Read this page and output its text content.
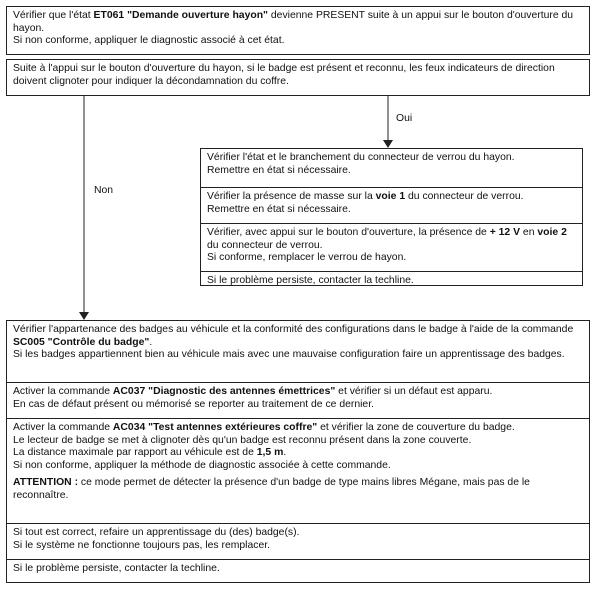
Vérifier que l'état ET061 "Demande ouverture hayon" devienne PRESENT suite à un appui sur le bouton d'ouverture du hayon.
Si non conforme, appliquer le diagnostic associé à cet état.
Suite à l'appui sur le bouton d'ouverture du hayon, si le badge est présent et reconnu, les feux indicateurs de direction doivent clignoter pour indiquer la décondamnation du coffre.
Oui
Non
Vérifier l'état et le branchement du connecteur de verrou du hayon.
Remettre en état si nécessaire.
Vérifier la présence de masse sur la voie 1 du connecteur de verrou.
Remettre en état si nécessaire.
Vérifier, avec appui sur le bouton d'ouverture, la présence de + 12 V en voie 2 du connecteur de verrou.
Si conforme, remplacer le verrou de hayon.
Si le problème persiste, contacter la techline.
Vérifier l'appartenance des badges au véhicule et la conformité des configurations dans le badge à l'aide de la commande SC005 "Contrôle du badge".
Si les badges appartiennent bien au véhicule mais avec une mauvaise configuration faire un apprentissage des badges.
Activer la commande AC037 "Diagnostic des antennes émettrices" et vérifier si un défaut est apparu.
En cas de défaut présent ou mémorisé se reporter au traitement de ce dernier.
Activer la commande AC034 "Test antennes extérieures coffre" et vérifier la zone de couverture du badge.
Le lecteur de badge se met à clignoter dès qu'un badge est reconnu présent dans la zone couverte.
La distance maximale par rapport au véhicule est de 1,5 m.
Si non conforme, appliquer la méthode de diagnostic associée à cette commande.
ATTENTION : ce mode permet de détecter la présence d'un badge de type mains libres Mégane, mais pas de le reconnaître.
Si tout est correct, refaire un apprentissage du (des) badge(s).
Si le système ne fonctionne toujours pas, les remplacer.
Si le problème persiste, contacter la techline.
